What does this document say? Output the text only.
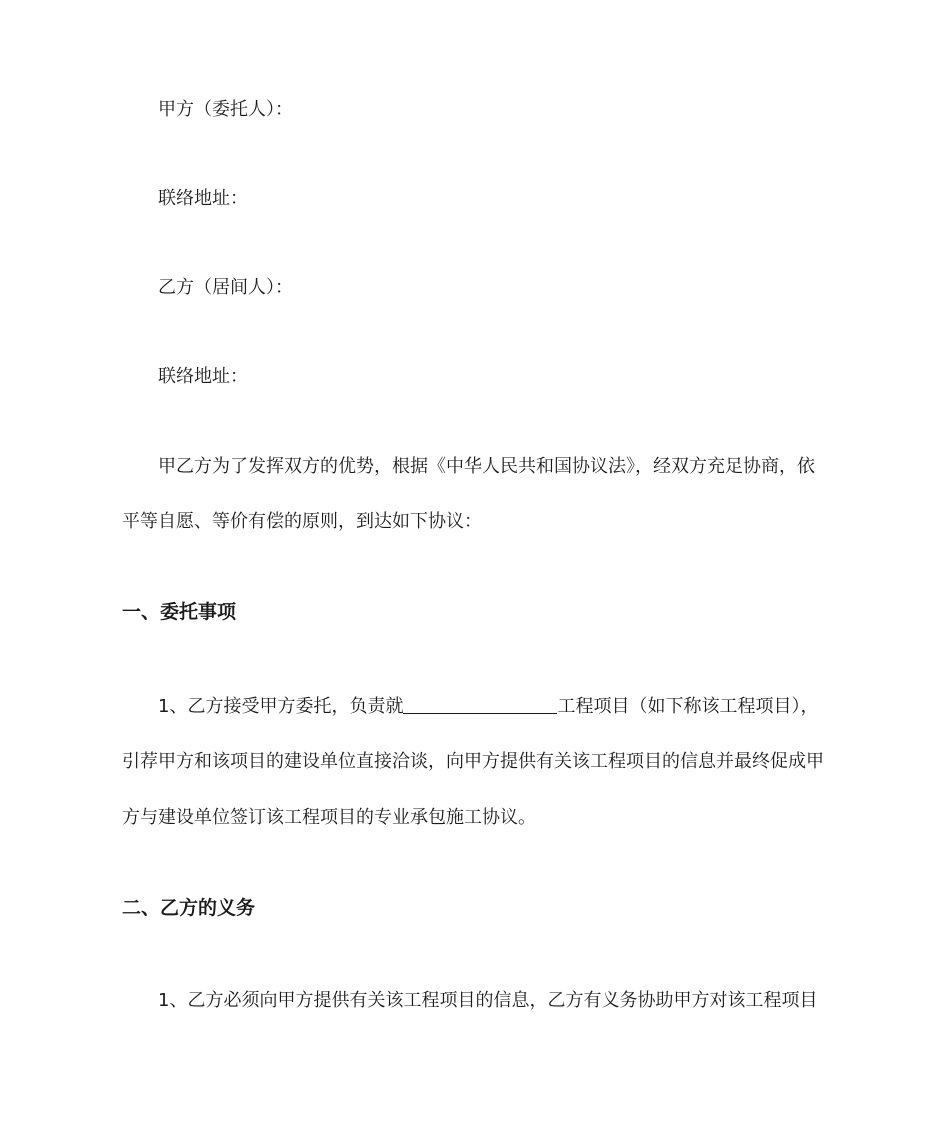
甲方（委托人）：
联络地址：
乙方（居间人）：
联络地址：
甲乙方为了发挥双方的优势，根据《中华人民共和国协议法》，经双方充足协商，依
平等自愿、等价有偿的原则，到达如下协议：
一、委托事项
1、乙方接受甲方委托，负责就	工程项目（如下称该工程项目），
引荐甲方和该项目的建设单位直接洽谈，向甲方提供有关该工程项目的信息并最终促成甲
方与建设单位签订该工程项目的专业承包施工协议。
二、乙方的义务
1、乙方必须向甲方提供有关该工程项目的信息，乙方有义务协助甲方对该工程项目
